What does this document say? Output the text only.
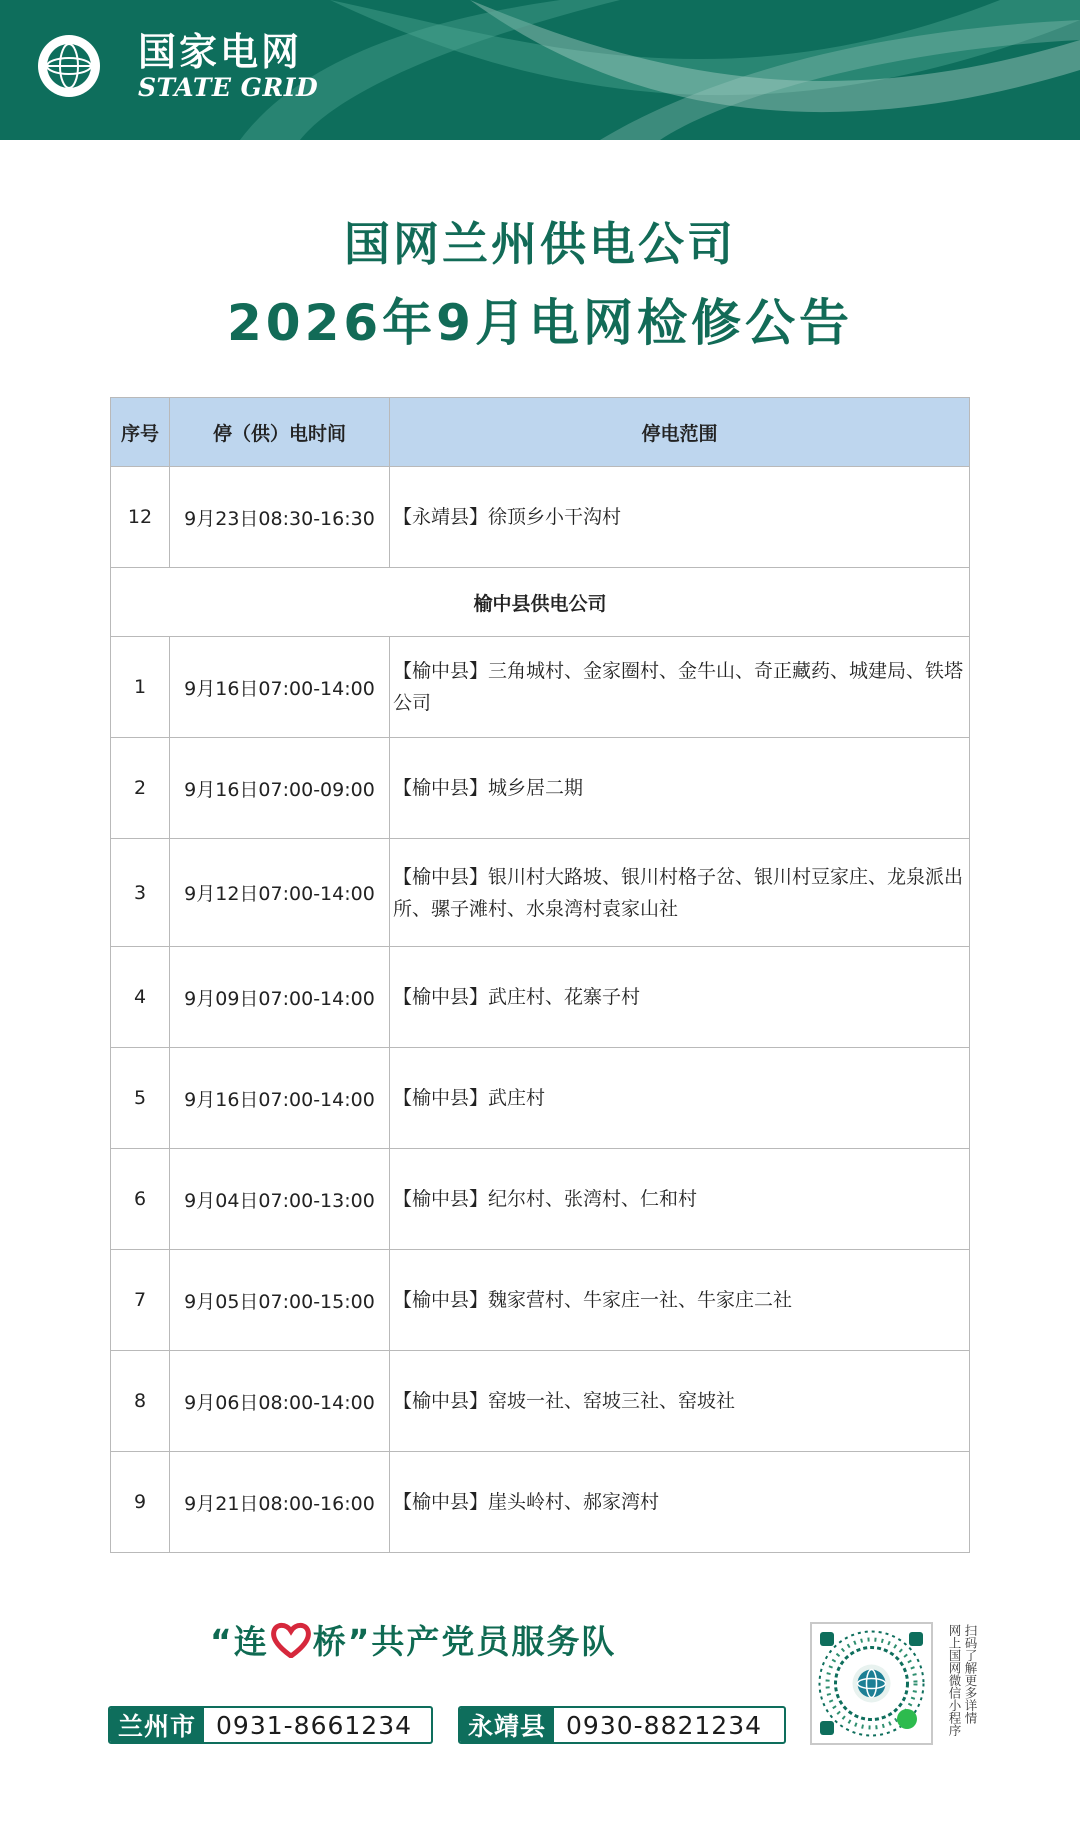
国家电网
STATE GRID
国网兰州供电公司
2026年9月电网检修公告
序号	停（供）电时间	停电范围
12	9月23日08:30-16:30	【永靖县】徐顶乡小干沟村
榆中县供电公司		
1	9月16日07:00-14:00	【榆中县】三角城村、金家圈村、金牛山、奇正藏药、城建局、铁塔公司
2	9月16日07:00-09:00	【榆中县】城乡居二期
3	9月12日07:00-14:00	【榆中县】银川村大路坡、银川村格子岔、银川村豆家庄、龙泉派出所、骡子滩村、水泉湾村袁家山社
4	9月09日07:00-14:00	【榆中县】武庄村、花寨子村
5	9月16日07:00-14:00	【榆中县】武庄村
6	9月04日07:00-13:00	【榆中县】纪尔村、张湾村、仁和村
7	9月05日07:00-15:00	【榆中县】魏家营村、牛家庄一社、牛家庄二社
8	9月06日08:00-14:00	【榆中县】窑坡一社、窑坡三社、窑坡社
9	9月21日08:00-16:00	【榆中县】崖头岭村、郝家湾村
“连 桥”共产党员服务队
兰州市 0931-8661234	永靖县 0930-8821234
扫码了解更多详情
网上国网微信小程序
